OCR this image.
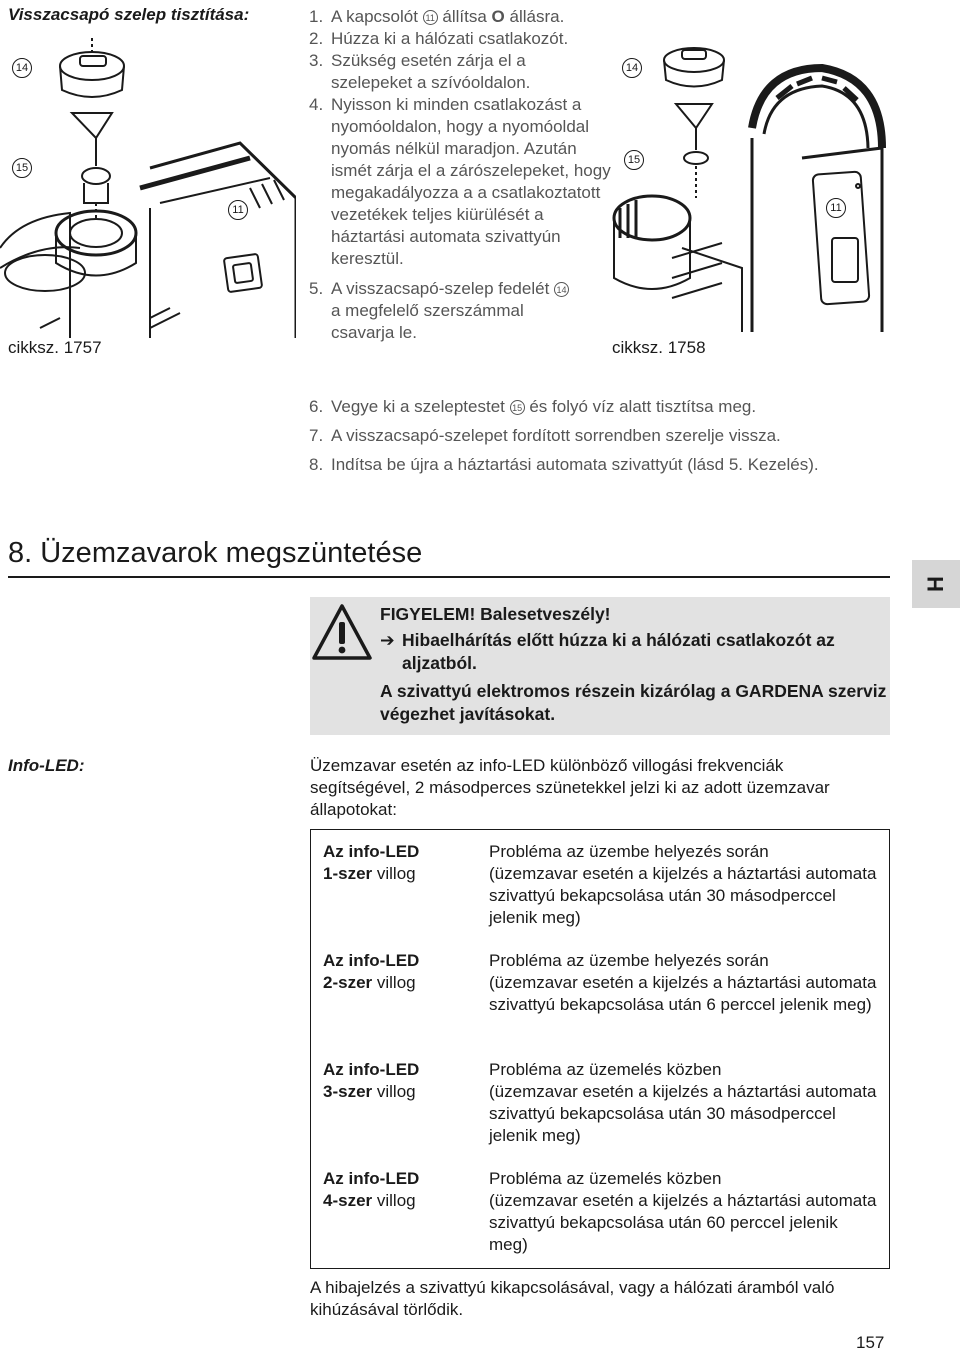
Visszacsapó szelep tisztítása:
14
15
11
cikksz. 1757
1. A kapcsolót 11 állítsa O állásra.
2. Húzza ki a hálózati csatlakozót.
3. Szükség esetén zárja el a szelepeket a szívóoldalon.
4. Nyisson ki minden csatlakozást a nyomóoldalon, hogy a nyomóoldal nyomás nélkül maradjon. Azután ismét zárja el a zárószelepeket, hogy megakadályozza a a csatlakoztatott vezetékek teljes kiürülését a háztartási automata szivattyún keresztül.
5. A visszacsapó-szelep fedelét 14 a megfelelő szerszámmal csavarja le.
14
15
11
cikksz. 1758
6. Vegye ki a szeleptestet 15 és folyó víz alatt tisztítsa meg.
7. A visszacsapó-szelepet fordított sorrendben szerelje vissza.
8. Indítsa be újra a háztartási automata szivattyút (lásd 5. Kezelés).
8. Üzemzavarok megszüntetése
H
FIGYELEM! Balesetveszély!
➔ Hibaelhárítás előtt húzza ki a hálózati csatlakozót az aljzatból.
A szivattyú elektromos részein kizárólag a GARDENA szerviz végezhet javításokat.
Info-LED:	Üzemzavar esetén az info-LED különböző villogási frekvenciák segítségével, 2 másodperces szünetekkel jelzi ki az adott üzemzavar állapotokat:
Az info-LED
1-szer villog
Probléma az üzembe helyezés során
(üzemzavar esetén a kijelzés a háztartási automata szivattyú bekapcsolása után 30 másodperccel jelenik meg)
Az info-LED
2-szer villog
Probléma az üzembe helyezés során
(üzemzavar esetén a kijelzés a háztartási automata szivattyú bekapcsolása után 6 perccel jelenik meg)
Az info-LED
3-szer villog
Probléma az üzemelés közben
(üzemzavar esetén a kijelzés a háztartási automata szivattyú bekapcsolása után 30 másodperccel jelenik meg)
Az info-LED
4-szer villog
Probléma az üzemelés közben
(üzemzavar esetén a kijelzés a háztartási automata szivattyú bekapcsolása után 60 perccel jelenik meg)
A hibajelzés a szivattyú kikapcsolásával, vagy a hálózati áramból való kihúzásával törlődik.
157
